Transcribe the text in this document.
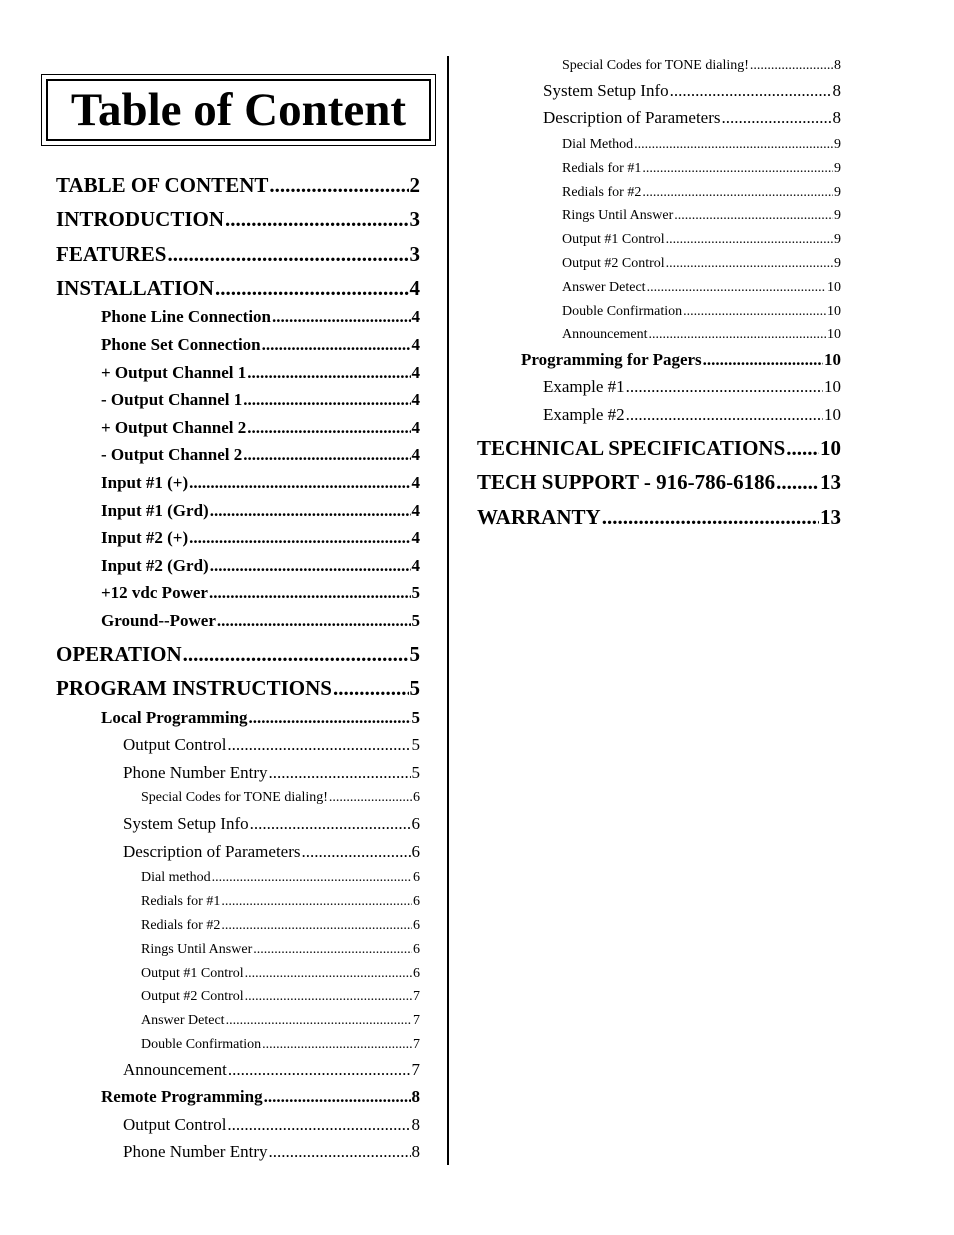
Table of Content
TABLE OF CONTENT .....	2
INTRODUCTION .....	3
FEATURES .....	3
INSTALLATION .....	4
Phone Line Connection .....	4
Phone Set Connection .....	4
+ Output Channel 1 .....	4
- Output Channel 1 .....	4
+ Output Channel 2 .....	4
- Output Channel 2 .....	4
Input #1 (+) .....	4
Input #1 (Grd) .....	4
Input #2 (+) .....	4
Input #2 (Grd) .....	4
+12 vdc Power .....	5
Ground--Power .....	5
OPERATION .....	5
PROGRAM INSTRUCTIONS .....	5
Local Programming .....	5
Output Control .....	5
Phone Number Entry .....	5
Special Codes for TONE dialing! .....	6
System Setup Info .....	6
Description of Parameters .....	6
Dial method .....	6
Redials for #1 .....	6
Redials for #2 .....	6
Rings Until Answer .....	6
Output #1 Control .....	6
Output #2 Control .....	7
Answer Detect .....	7
Double Confirmation .....	7
Announcement .....	7
Remote Programming .....	8
Output Control .....	8
Phone Number Entry .....	8
Special Codes for TONE dialing! .....	8
System Setup Info .....	8
Description of Parameters .....	8
Dial Method .....	9
Redials for #1 .....	9
Redials for #2 .....	9
Rings Until Answer .....	9
Output #1 Control .....	9
Output #2 Control .....	9
Answer Detect .....	10
Double Confirmation .....	10
Announcement .....	10
Programming for Pagers .....	10
Example #1 .....	10
Example #2 .....	10
TECHNICAL SPECIFICATIONS ..... 10
TECH SUPPORT - 916-786-6186 ..... 13
WARRANTY .....	13
